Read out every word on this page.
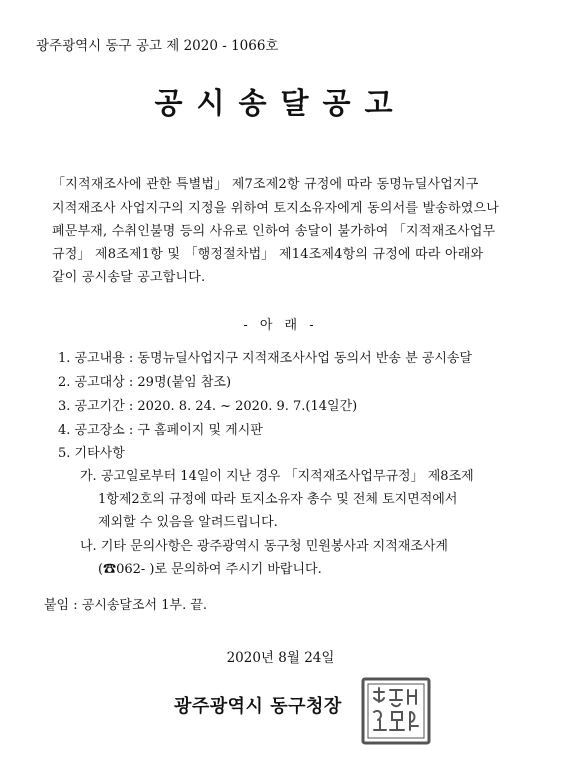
광주광역시 동구 공고 제 2020 - 1066호
공시송달공고
「지적재조사에 관한 특별법」 제7조제2항 규정에 따라 동명뉴딜사업지구
지적재조사 사업지구의 지정을 위하여 토지소유자에게 동의서를 발송하였으나
폐문부재, 수취인불명 등의 사유로 인하여 송달이 불가하여 「지적재조사업무
규정」 제8조제1항 및 「행정절차법」 제14조제4항의 규정에 따라 아래와
같이 공시송달 공고합니다.
- 아 래 -
1. 공고내용 : 동명뉴딜사업지구 지적재조사사업 동의서 반송 분 공시송달
2. 공고대상 : 29명(붙임 참조)
3. 공고기간 : 2020. 8. 24. ~ 2020. 9. 7.(14일간)
4. 공고장소 : 구 홈페이지 및 게시판
5. 기타사항
가. 공고일로부터 14일이 지난 경우 「지적재조사업무규정」 제8조제
1항제2호의 규정에 따라 토지소유자 총수 및 전체 토지면적에서
제외할 수 있음을 알려드립니다.
나. 기타 문의사항은 광주광역시 동구청 민원봉사과 지적재조사계
(☎062- )로 문의하여 주시기 바랍니다.
붙임 : 공시송달조서 1부. 끝.
2020년 8월 24일
광주광역시 동구청장
